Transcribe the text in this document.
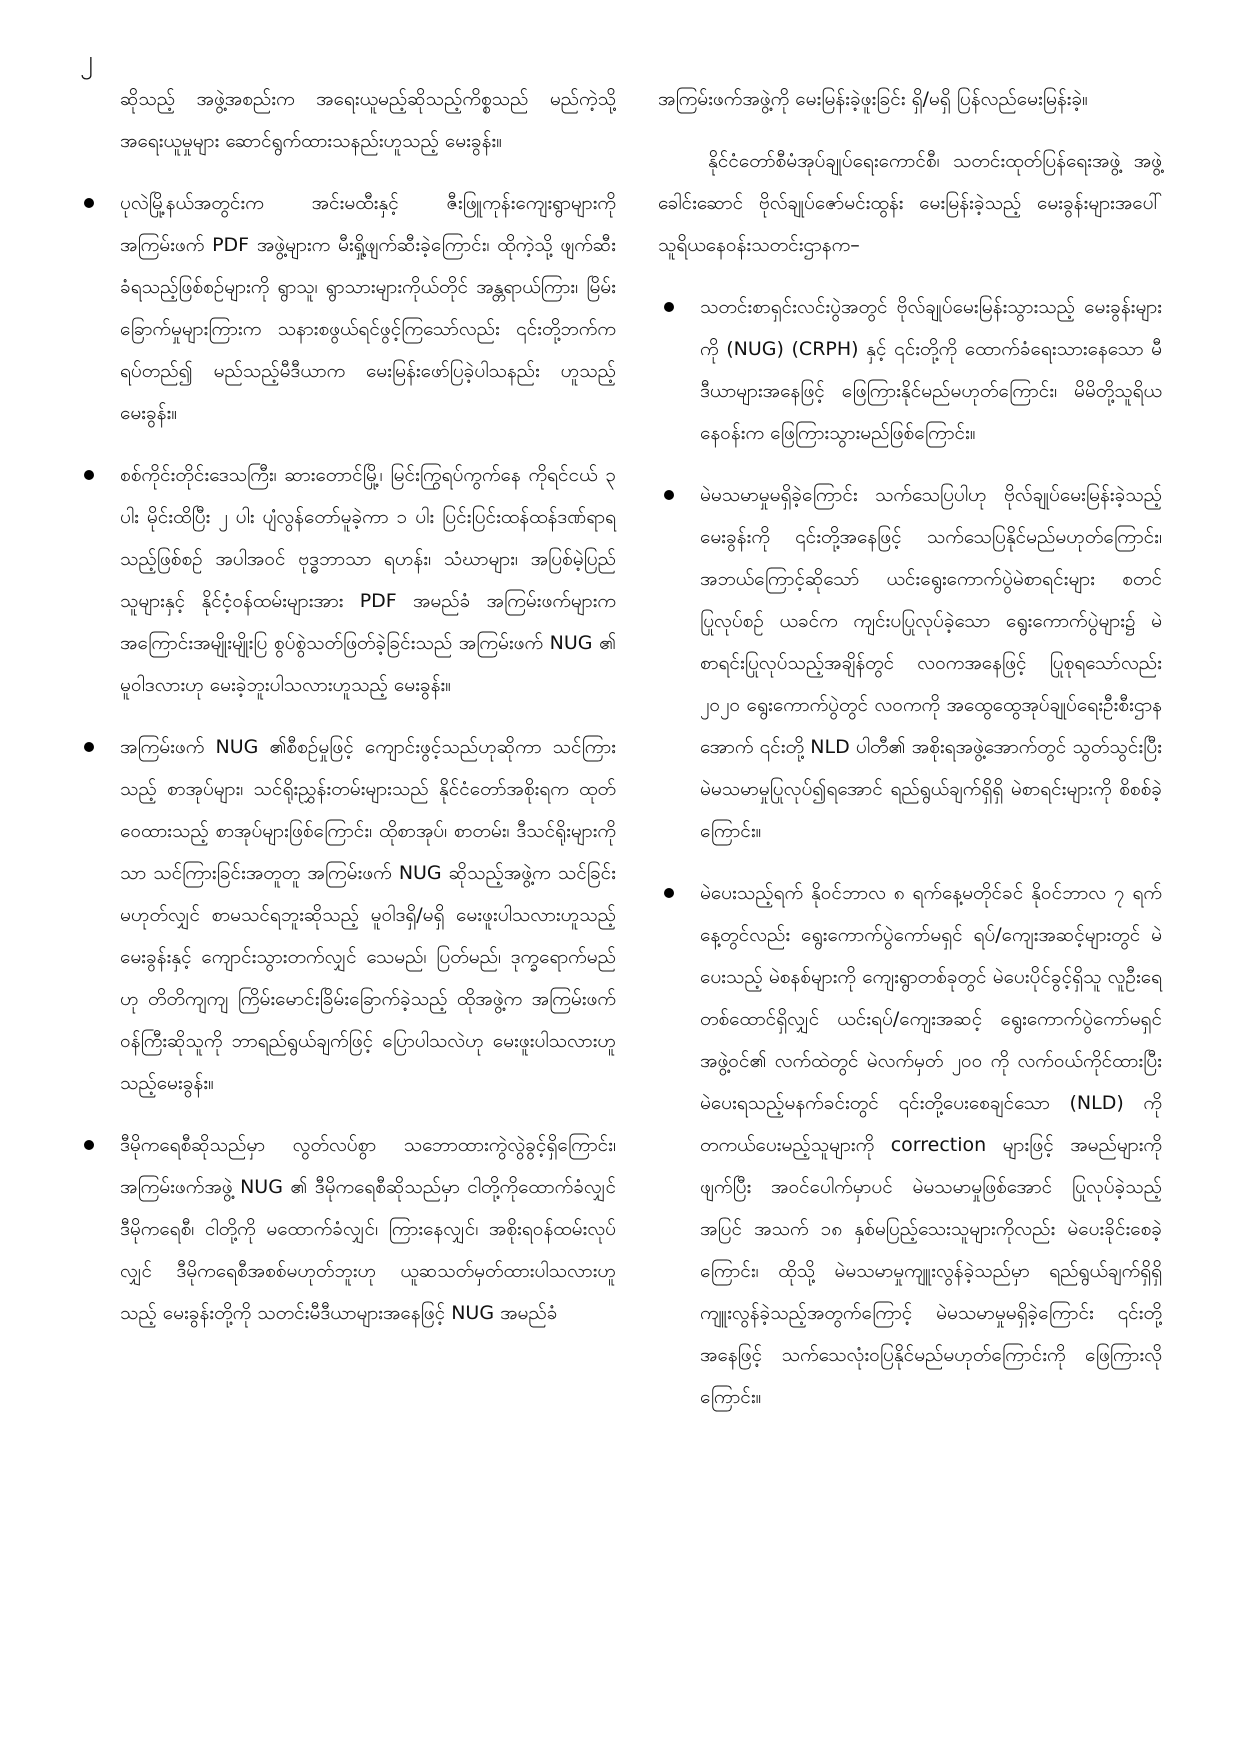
၂

ဆိုသည့် အဖွဲ့အစည်းက အရေးယူမည့်ဆိုသည့်ကိစ္စသည် မည်ကဲ့သို့အရေးယူမှုများ ဆောင်ရွက်ထားသနည်းဟူသည့် မေးခွန်း။

ပုလဲမြို့နယ်အတွင်းက အင်းမထီးနှင့် ဇီးဖြူကုန်းကျေးရွာများကို အကြမ်းဖက် PDF အဖွဲ့များက မီးရှို့ဖျက်ဆီးခဲ့ကြောင်း၊ ထိုကဲ့သို့ ဖျက်ဆီးခံရသည့်ဖြစ်စဉ်များကို ရွာသူ၊ ရွာသားများကိုယ်တိုင် အန္တရာယ်ကြား၊ မြိမ်းခြောက်မှုများကြားက သနားစဖွယ်ရင်ဖွင့်ကြသော်လည်း ၎င်းတို့ဘက်ကရပ်တည်၍ မည်သည့်မီဒီယာက မေးမြန်းဖော်ပြခဲ့ပါသနည်း ဟူသည့်မေးခွန်း။
စစ်ကိုင်းတိုင်းဒေသကြီး၊ ဆားတောင်မြို့၊ မြင်းကြွရပ်ကွက်နေ ကိုရင်ငယ် ၃ ပါး မိုင်းထိပြီး ၂ ပါး ပျံလွန်တော်မူခဲ့ကာ ၁ ပါး ပြင်းပြင်းထန်ထန်ဒဏ်ရာရသည့်ဖြစ်စဉ် အပါအဝင် ဗုဒ္ဓဘာသာ ရဟန်း၊ သံဃာများ၊ အပြစ်မဲ့ပြည်သူများနှင့် နိုင်ငံ့ဝန်ထမ်းများအား PDF အမည်ခံ အကြမ်းဖက်များက အကြောင်းအမျိုးမျိုးပြ စွပ်စွဲသတ်ဖြတ်ခဲ့ခြင်းသည် အကြမ်းဖက် NUG ၏ မူဝါဒလားဟု မေးခဲ့ဘူးပါသလားဟူသည့် မေးခွန်း။
အကြမ်းဖက် NUG ၏စီစဉ်မှုဖြင့် ကျောင်းဖွင့်သည်ဟုဆိုကာ သင်ကြားသည့် စာအုပ်များ၊ သင်ရိုးညွှန်းတမ်းများသည် နိုင်ငံတော်အစိုးရက ထုတ်ဝေထားသည့် စာအုပ်များဖြစ်ကြောင်း၊ ထိုစာအုပ်၊ စာတမ်း၊ ဒီသင်ရိုးများကိုသာ သင်ကြားခြင်းအတူတူ အကြမ်းဖက် NUG ဆိုသည့်အဖွဲ့က သင်ခြင်းမဟုတ်လျှင် စာမသင်ရဘူးဆိုသည့် မူဝါဒရှိ/မရှိ မေးဖူးပါသလားဟူသည့်မေးခွန်းနှင့် ကျောင်းသွားတက်လျှင် သေမည်၊ ပြတ်မည်၊ ဒုက္ခရောက်မည်ဟု တိတိကျကျ ကြိမ်းမောင်းခြိမ်းခြောက်ခဲ့သည့် ထိုအဖွဲ့က အကြမ်းဖက်ဝန်ကြီးဆိုသူကို ဘာရည်ရွယ်ချက်ဖြင့် ပြောပါသလဲဟု မေးဖူးပါသလားဟူသည့်မေးခွန်း။
ဒီမိုကရေစီဆိုသည်မှာ လွတ်လပ်စွာ သဘောထားကွဲလွဲခွင့်ရှိကြောင်း၊ အကြမ်းဖက်အဖွဲ့ NUG ၏ ဒီမိုကရေစီဆိုသည်မှာ ငါတို့ကိုထောက်ခံလျှင် ဒီမိုကရေစီ၊ ငါတို့ကို မထောက်ခံလျှင်၊ ကြားနေလျှင်၊ အစိုးရဝန်ထမ်းလုပ်လျှင် ဒီမိုကရေစီအစစ်မဟုတ်ဘူးဟု ယူဆသတ်မှတ်ထားပါသလားဟူသည့် မေးခွန်းတို့ကို သတင်းမီဒီယာများအနေဖြင့် NUG အမည်ခံ

အကြမ်းဖက်အဖွဲ့ကို မေးမြန်းခဲ့ဖူးခြင်း ရှိ/မရှိ ပြန်လည်မေးမြန်းခဲ့။

နိုင်ငံတော်စီမံအုပ်ချုပ်ရေးကောင်စီ၊ သတင်းထုတ်ပြန်ရေးအဖွဲ့ အဖွဲ့ခေါင်းဆောင် ဗိုလ်ချုပ်ဇော်မင်းထွန်း မေးမြန်းခဲ့သည့် မေးခွန်းများအပေါ် သူရိယနေဝန်းသတင်းဌာနက–

သတင်းစာရှင်းလင်းပွဲအတွင် ဗိုလ်ချုပ်မေးမြန်းသွားသည့် မေးခွန်းများကို (NUG) (CRPH) နှင့် ၎င်းတို့ကို ထောက်ခံရေးသားနေသော မီဒီယာများအနေဖြင့် ဖြေကြားနိုင်မည်မဟုတ်ကြောင်း၊ မိမိတို့သူရိယနေဝန်းက ဖြေကြားသွားမည်ဖြစ်ကြောင်း။
မဲမသမာမှုမရှိခဲ့ကြောင်း သက်သေပြပါဟု ဗိုလ်ချုပ်မေးမြန်းခဲ့သည့်မေးခွန်းကို ၎င်းတို့အနေဖြင့် သက်သေပြနိုင်မည်မဟုတ်ကြောင်း၊ အဘယ်ကြောင့်ဆိုသော် ယင်းရွေးကောက်ပွဲမဲစာရင်းများ စတင်ပြုလုပ်စဉ် ယခင်က ကျင်းပပြုလုပ်ခဲ့သော ရွေးကောက်ပွဲများ၌ မဲစာရင်းပြုလုပ်သည့်အချိန်တွင် လဝကအနေဖြင့် ပြုစုရသော်လည်း ၂၀၂၀ ရွေးကောက်ပွဲတွင် လဝကကို အထွေထွေအုပ်ချုပ်ရေးဦးစီးဌာနအောက် ၎င်းတို့ NLD ပါတီ၏ အစိုးရအဖွဲ့အောက်တွင် သွတ်သွင်းပြီး မဲမသမာမှုပြုလုပ်၍ရအောင် ရည်ရွယ်ချက်ရှိရှိ မဲစာရင်းများကို စိစစ်ခဲ့ကြောင်း။
မဲပေးသည့်ရက် နိုဝင်ဘာလ ၈ ရက်နေ့မတိုင်ခင် နိုဝင်ဘာလ ၇ ရက်နေ့တွင်လည်း ရွေးကောက်ပွဲကော်မရှင် ရပ်/ကျေးအဆင့်များတွင် မဲပေးသည့် မဲစနစ်များကို ကျေးရွာတစ်ခုတွင် မဲပေးပိုင်ခွင့်ရှိသူ လူဦးရေတစ်ထောင်ရှိလျှင် ယင်းရပ်/ကျေးအဆင့် ရွေးကောက်ပွဲကော်မရှင်အဖွဲ့ဝင်၏ လက်ထဲတွင် မဲလက်မှတ် ၂၀၀ ကို လက်ဝယ်ကိုင်ထားပြီး မဲပေးရသည့်မနက်ခင်းတွင် ၎င်းတို့ပေးစေချင်သော (NLD) ကို တကယ်ပေးမည့်သူများကို correction များဖြင့် အမည်များကိုဖျက်ပြီး အဝင်ပေါက်မှာပင် မဲမသမာမှုဖြစ်အောင် ပြုလုပ်ခဲ့သည့်အပြင် အသက် ၁၈ နှစ်မပြည့်သေးသူများကိုလည်း မဲပေးခိုင်းစေခဲ့ကြောင်း၊ ထိုသို့ မဲမသမာမှုကျူးလွန်ခဲ့သည်မှာ ရည်ရွယ်ချက်ရှိရှိ ကျူးလွန်ခဲ့သည့်အတွက်ကြောင့် မဲမသမာမှုမရှိခဲ့ကြောင်း ၎င်းတို့အနေဖြင့် သက်သေလုံးဝပြနိုင်မည်မဟုတ်ကြောင်းကို ဖြေကြားလိုကြောင်း။
